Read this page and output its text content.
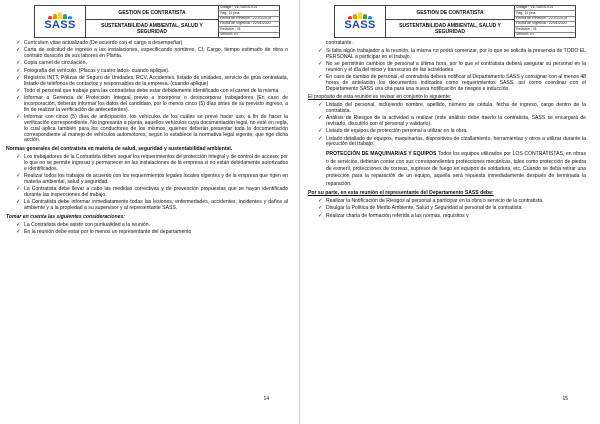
SASS
GESTION DE CONTRATISTA
SUSTENTABILIDAD AMBIENTAL, SALUD Y SEGURIDAD
Código : VE-SASS-014
Pág. 15 pna
Fecha de Revisión : 22-01/2019
Fecha de Vigencia : 22/01/2020
Revisión : 01
Versión: 01
✓ Curriculum vitae actualizado (De acuerdo con el cargo a desempeñar)
✓ Carta de solicitud de ingreso a las instalaciones, especificando nombres, CI, Cargo, tiempo estimado de obra o contrato duración de sus labores en Planta.
✓ Copia carnet de circulación.
✓ Fotografía del vehículo. (Placas y cuatro lados- cuando aplique).
✓ Registros INTT, Pólizas de Seguro de Unidades, RCV, Accidentes, listado de unidades, servicio de grúa contratada, listado de teléfonos de contactos y responsables de la empresa. (cuando aplique)
✓ Todo el personal que trabaje para las contratistas debe estar debidamente identificado con el carnet de la misma.
✓ Informar a Gerencia de Protección Integral previo a incorporar o desincorporar trabajadores (En caso de incorporación, deberán informar los datos del candidato, por lo menos cinco (5) días antes de su previsto ingreso, a fin de realizar la verificación de antecedentes).
✓ Informar con cinco (5) días de anticipación, los vehículos de los cuáles se prevé hacer uso, a fin de hacer la verificación correspondiente. No ingresarán a planta, aquellos vehículos cuya documentación legal, no esté en regla, lo cual aplica también para los conductores de los mismos, quienes deberán presentar toda la documentación correspondiente al manejo de vehículos automotores, según lo establece la normativa legal vigente, que rige dicha acción.
Normas generales del contratista en materia de salud, seguridad y sustentabilidad ambiental.
✓ Los trabajadores de la Contratista deben seguir los requerimientos de protección integral y de control de acceso; por lo que no se permite ingresar y permanecer en las instalaciones de la empresa si no están debidamente autorizados e identificados.
✓ Realizar todos los trabajos de acuerdo con los requerimientos legales locales vigentes y de la empresa que rigen en materia ambiental, salud y seguridad.
✓ La Contratista debe llevar a cabo las medidas correctivas y de prevención propuestas que se hayan identificado durante las inspecciones del trabajo.
✓ La Contratista debe informar inmediatamente todas las lesiones, enfermedades, accidentes, incidentes y daños al ambiente y a la propiedad a su supervisor y al representante SASS.
Tomar en cuenta las siguientes consideraciones:
✓ La Contratista debe asistir con puntualidad a la reunión.
✓ En la reunión debe estar por lo menos un representante del departamento
14
SASS
GESTION DE CONTRATISTA
SUSTENTABILIDAD AMBIENTAL, SALUD Y SEGURIDAD
Código : VE-SASS-014
Pág. 15 pna
Fecha de Revisión : 22-01/2019
Fecha de Vigencia : 22/01/2020
Revisión : 01
Versión: 01
contratante.
✓ Si falta algún trabajador a la reunión, la misma no podrá comenzar, por lo que se solicita la presencia de TODO EL PERSONAL a participar en el trabajo.
✓ No se permitirán cambios de personal a última hora, por lo que el contratista deberá asegurar su personal en la reunión y el día del inicio y transcurso de las actividades.
✓ En caso de cambio de personal, el contratista deberá notificar al Departamento SASS y consignar con al menos 48 horas de antelación los documentos indicados como requerimientos SASS, así como coordinar con el Departamento SASS una cita para una nueva notificación de riesgos e inducción.
El propósito de esta reunión es revisar en conjunto lo siguiente:
✓ Listado del personal, incluyendo nombre, apellido, número de cédula, fecha de ingreso, cargo dentro de la contratista.
✓ Análisis de Riesgos de la actividad a realizar (este análisis debe traerlo la contratista, SASS se encargará de revisarlo, discutirlo con el personal y validarlo).
✓ Listado de equipos de protección personal a utilizar en la obra.
✓ Listado detallado de equipos, maquinarias, dispositivos de cizallamiento, herramientas y otros a utilizar durante la ejecución del trabajo.
PROTECCIÓN DE MAQUINARIAS Y EQUIPOS Todos los equipos utilizados por LOS CONTRATISTAS, en obras o de servicios, deberán contar con sus correspondientes protecciones mecánicas, tales como protección de piedra de esmeril, protecciones de correas, supresor de fuego en equipos de soldadura, etc. Cuando se deba retirar una protección para la reparación de un equipo, aquella será repuesta inmediatamente después de terminada la reparación.
Por su parte, en esta reunión el representante del Departamento SASS debe:
✓ Realizar la Notificación de Riesgos al personal a participar en la obra o servicio de la contratista.
✓ Divulgar la Política de Medio Ambiente, Salud y Seguridad al personal de la contratista.
✓ Realizar charla de formación referida a las normas, requisitos y
15
